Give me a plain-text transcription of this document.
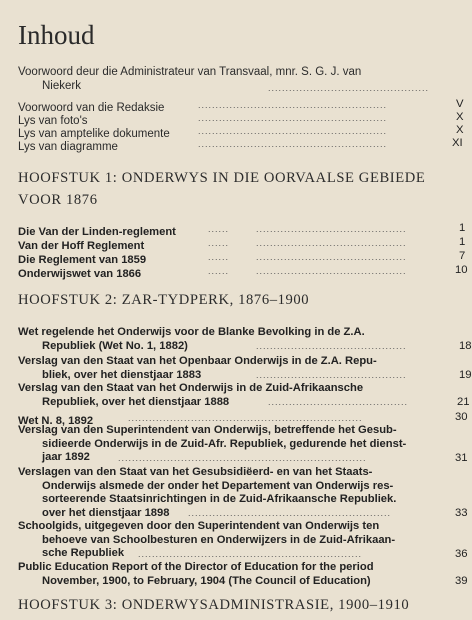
Inhoud
Voorwoord deur die Administrateur van Transvaal, mnr. S. G. J. van
Niekerk	..............................................
Voorwoord van die Redaksie	......................................................	V
Lys van foto's	......................................................	X
Lys van amptelike dokumente	......................................................	X
Lys van diagramme	......................................................	XI
HOOFSTUK 1: ONDERWYS IN DIE OORVAALSE GEBIEDE
VOOR 1876
Die Van der Linden-reglement	......	...........................................	1
Van der Hoff Reglement	......	...........................................	1
Die Reglement van 1859	......	...........................................	7
Onderwijswet van 1866	......	...........................................	10
HOOFSTUK 2: ZAR-TYDPERK, 1876–1900
Wet regelende het Onderwijs voor de Blanke Bevolking in de Z.A.
Republiek (Wet No. 1, 1882)	...........................................	18
Verslag van den Staat van het Openbaar Onderwijs in de Z.A. Repu-
bliek, over het dienstjaar 1883	...........................................	19
Verslag van den Staat van het Onderwijs in de Zuid-Afrikaansche
Republiek, over het dienstjaar 1888	........................................	21
Wet N. 8, 1892	...................................................................	30
Verslag van den Superintendent van Onderwijs, betreffende het Gesub-
sidieerde Onderwijs in de Zuid-Afr. Republiek, gedurende het dienst-
jaar 1892	.......................................................................	31
Verslagen van den Staat van het Gesubsidiëerd- en van het Staats-
Onderwijs alsmede der onder het Departement van Onderwijs res-
sorteerende Staatsinrichtingen in de Zuid-Afrikaansche Republiek.
over het dienstjaar 1898	..........................................................	33
Schoolgids, uitgegeven door den Superintendent van Onderwijs ten
behoeve van Schoolbesturen en Onderwijzers in de Zuid-Afrikaan-
sche Republiek	................................................................	36
Public Education Report of the Director of Education for the period
November, 1900, to February, 1904 (The Council of Education)	39
HOOFSTUK 3: ONDERWYSADMINISTRASIE, 1900–1910
